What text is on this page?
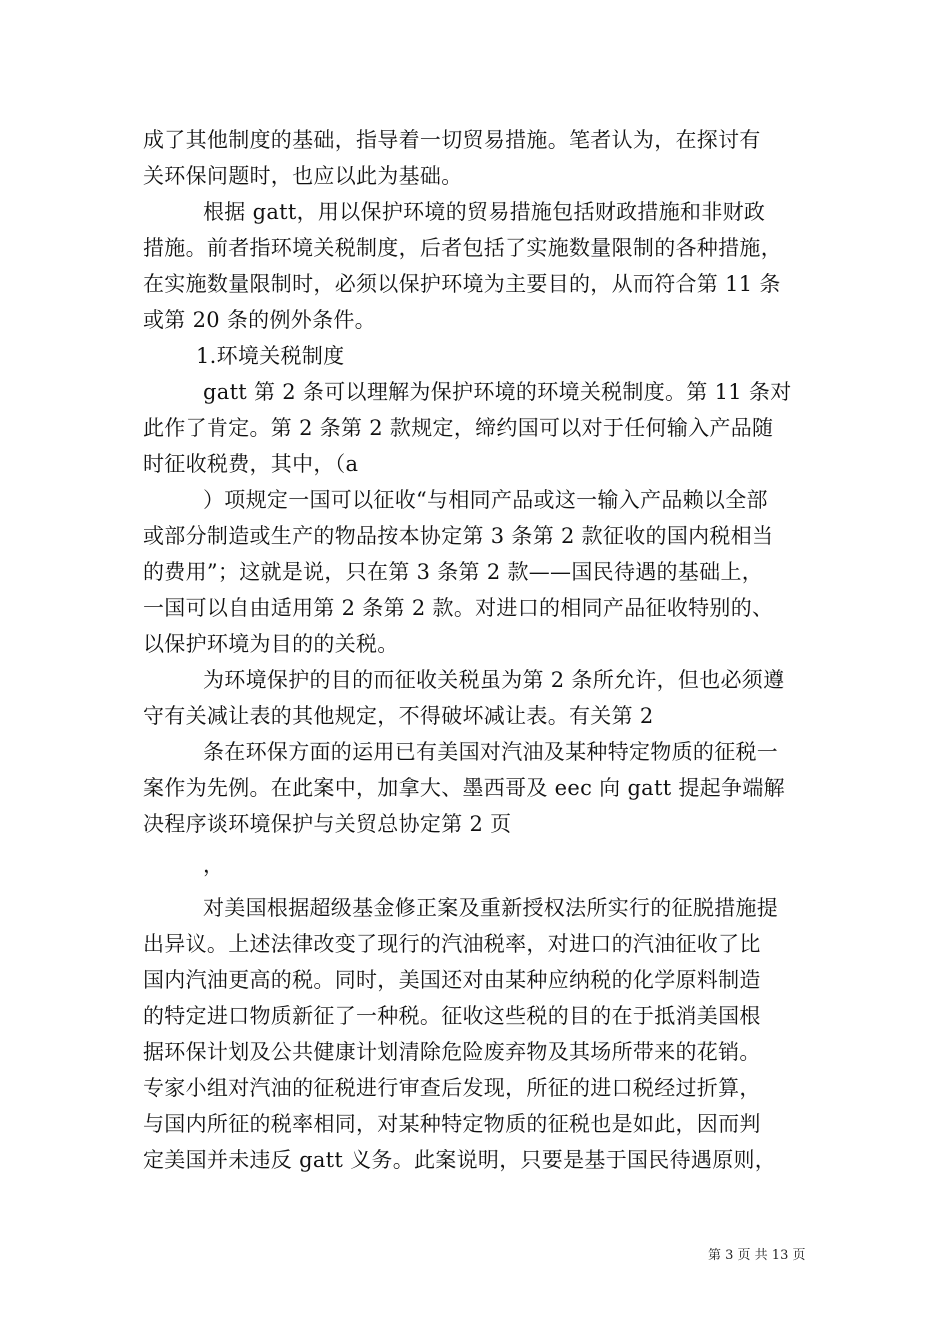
成了其他制度的基础，指导着一切贸易措施。笔者认为，在探讨有
关环保问题时，也应以此为基础。
根据 gatt，用以保护环境的贸易措施包括财政措施和非财政
措施。前者指环境关税制度，后者包括了实施数量限制的各种措施，
在实施数量限制时，必须以保护环境为主要目的，从而符合第 11 条
或第 20 条的例外条件。
1.环境关税制度
gatt 第 2 条可以理解为保护环境的环境关税制度。第 11 条对
此作了肯定。第 2 条第 2 款规定，缔约国可以对于任何输入产品随
时征收税费，其中，（a
）项规定一国可以征收“与相同产品或这一输入产品赖以全部
或部分制造或生产的物品按本协定第 3 条第 2 款征收的国内税相当
的费用”；这就是说，只在第 3 条第 2 款——国民待遇的基础上，
一国可以自由适用第 2 条第 2 款。对进口的相同产品征收特别的、
以保护环境为目的的关税。
为环境保护的目的而征收关税虽为第 2 条所允许，但也必须遵
守有关减让表的其他规定，不得破坏减让表。有关第 2
条在环保方面的运用已有美国对汽油及某种特定物质的征税一
案作为先例。在此案中，加拿大、墨西哥及 eec 向 gatt 提起争端解
决程序谈环境保护与关贸总协定第 2 页
，
对美国根据超级基金修正案及重新授权法所实行的征脱措施提
出异议。上述法律改变了现行的汽油税率，对进口的汽油征收了比
国内汽油更高的税。同时，美国还对由某种应纳税的化学原料制造
的特定进口物质新征了一种税。征收这些税的目的在于抵消美国根
据环保计划及公共健康计划清除危险废弃物及其场所带来的花销。
专家小组对汽油的征税进行审查后发现，所征的进口税经过折算，
与国内所征的税率相同，对某种特定物质的征税也是如此，因而判
定美国并未违反 gatt 义务。此案说明，只要是基于国民待遇原则，
第 3 页 共 13 页
